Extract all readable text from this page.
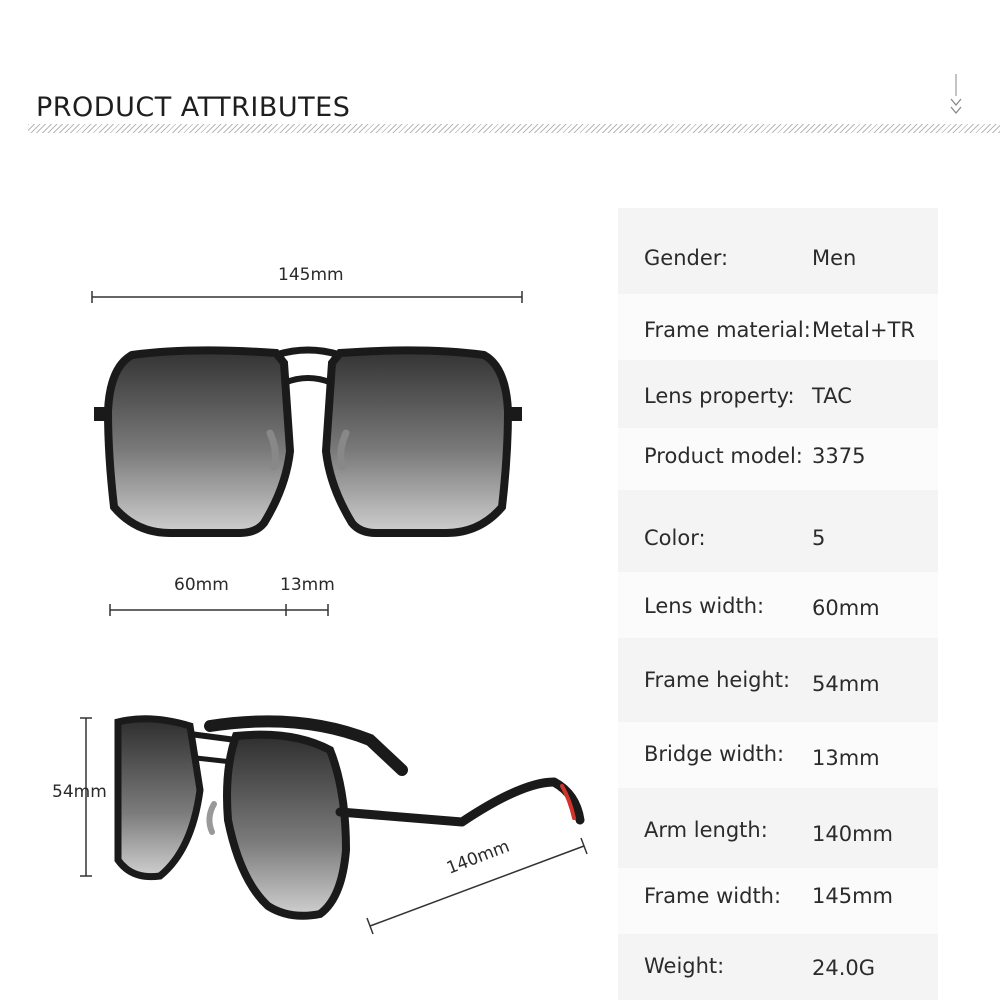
PRODUCT ATTRIBUTES
145mm
60mm	13mm
54mm
140mm
Gender:	Men
Frame material: Metal+TR
Lens property: TAC
Product model: 3375
Color:	5
Lens width: 60mm
Frame height: 54mm
Bridge width: 13mm
Arm length: 140mm
Frame width: 145mm
Weight:	24.0G
